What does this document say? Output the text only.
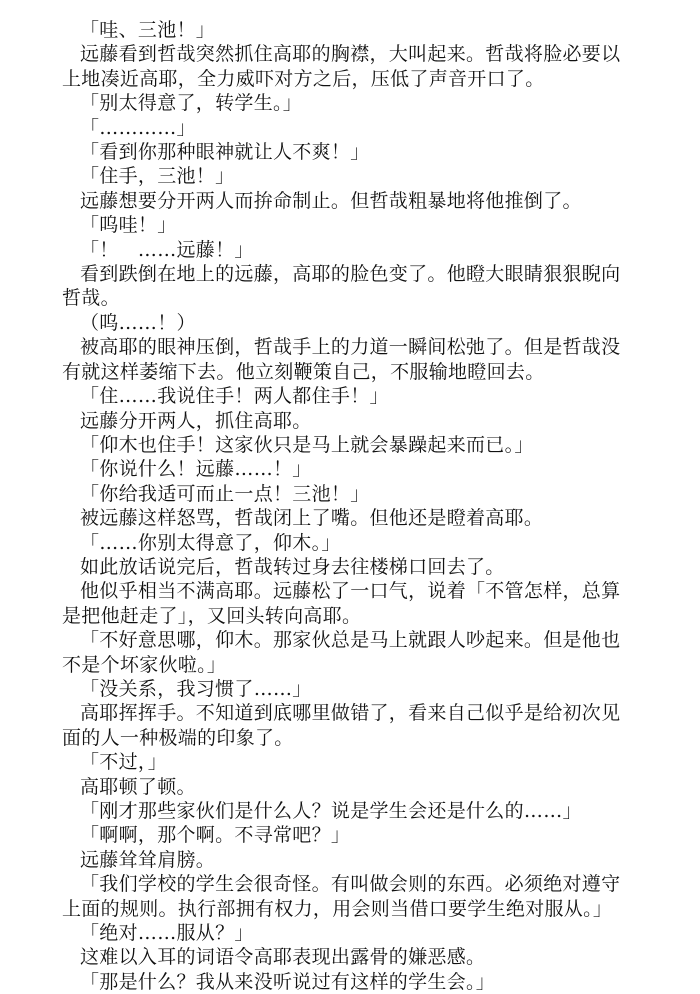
「哇、三池！」

远藤看到哲哉突然抓住高耶的胸襟，大叫起来。哲哉将脸必要以

上地凑近高耶，全力威吓对方之后，压低了声音开口了。

「别太得意了，转学生。」

「…………」

「看到你那种眼神就让人不爽！」

「住手，三池！」

远藤想要分开两人而拚命制止。但哲哉粗暴地将他推倒了。

「呜哇！」

「！　……远藤！」

看到跌倒在地上的远藤，高耶的脸色变了。他瞪大眼睛狠狠睨向

哲哉。

（呜……！）

被高耶的眼神压倒，哲哉手上的力道一瞬间松弛了。但是哲哉没

有就这样萎缩下去。他立刻鞭策自己，不服输地瞪回去。

「住……我说住手！两人都住手！」

远藤分开两人，抓住高耶。

「仰木也住手！这家伙只是马上就会暴躁起来而已。」

「你说什么！远藤……！」

「你给我适可而止一点！三池！」

被远藤这样怒骂，哲哉闭上了嘴。但他还是瞪着高耶。

「……你别太得意了，仰木。」

如此放话说完后，哲哉转过身去往楼梯口回去了。

他似乎相当不满高耶。远藤松了一口气，说着「不管怎样，总算

是把他赶走了」，又回头转向高耶。

「不好意思哪，仰木。那家伙总是马上就跟人吵起来。但是他也

不是个坏家伙啦。」

「没关系，我习惯了……」

高耶挥挥手。不知道到底哪里做错了，看来自己似乎是给初次见

面的人一种极端的印象了。

「不过，」

高耶顿了顿。

「刚才那些家伙们是什么人？说是学生会还是什么的……」

「啊啊，那个啊。不寻常吧？」

远藤耸耸肩膀。

「我们学校的学生会很奇怪。有叫做会则的东西。必须绝对遵守

上面的规则。执行部拥有权力，用会则当借口要学生绝对服从。」

「绝对……服从？」

这难以入耳的词语令高耶表现出露骨的嫌恶感。

「那是什么？我从来没听说过有这样的学生会。」
